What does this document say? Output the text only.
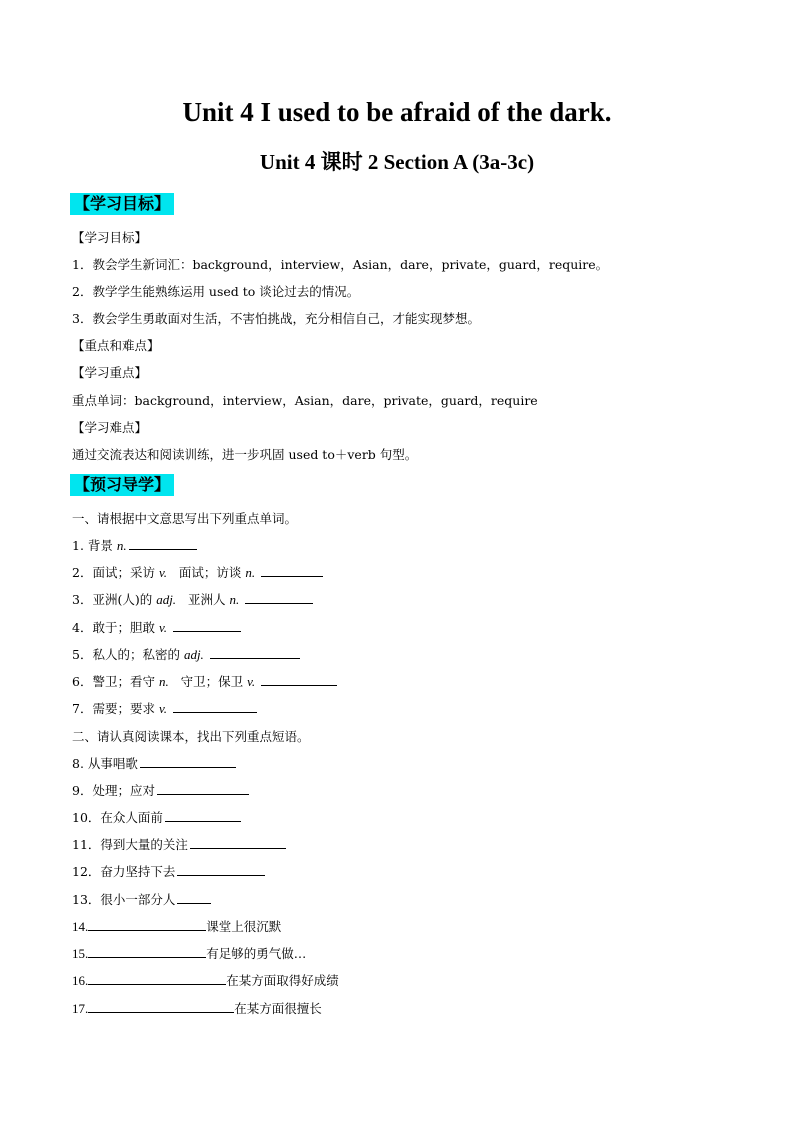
Unit 4 I used to be afraid of the dark.
Unit 4 课时 2 Section A (3a-3c)
【学习目标】
【学习目标】
1．教会学生新词汇：background，interview，Asian，dare，private，guard，require。
2．教学学生能熟练运用 used to 谈论过去的情况。
3．教会学生勇敢面对生活，不害怕挑战，充分相信自己，才能实现梦想。
【重点和难点】
【学习重点】
重点单词：background，interview，Asian，dare，private，guard，require
【学习难点】
通过交流表达和阅读训练，进一步巩固 used to＋verb 句型。
【预习导学】
一、请根据中文意思写出下列重点单词。
1. 背景 n.
2．面试；采访 v.   面试；访谈 n.
3．亚洲(人)的 adj.   亚洲人 n.
4．敢于；胆敢 v.
5．私人的；私密的 adj.
6．警卫；看守 n.   守卫；保卫 v.
7．需要；要求 v.
二、请认真阅读课本，找出下列重点短语。
8. 从事唱歌
9．处理；应对
10．在众人面前
11．得到大量的关注
12．奋力坚持下去
13．很小一部分人
14.	课堂上很沉默
15.	有足够的勇气做…
16.	在某方面取得好成绩
17.	在某方面很擅长
